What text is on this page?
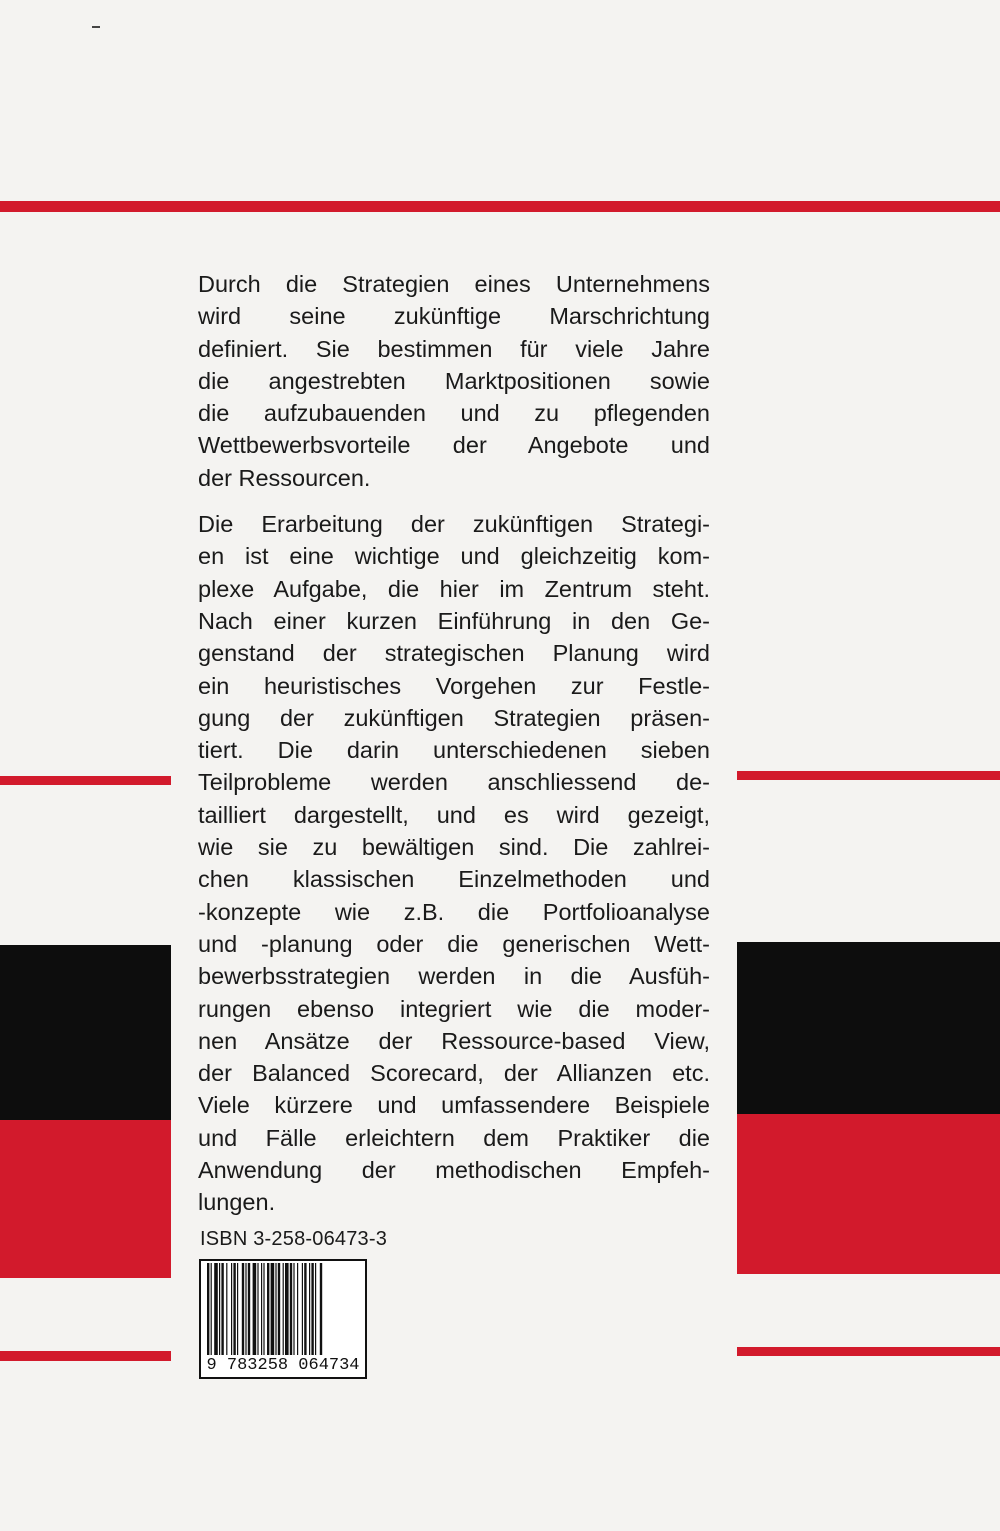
Durch die Strategien eines Unternehmens
wird seine zukünftige Marschrichtung
definiert. Sie bestimmen für viele Jahre
die angestrebten Marktpositionen sowie
die aufzubauenden und zu pflegenden
Wettbewerbsvorteile der Angebote und
der Ressourcen.

Die Erarbeitung der zukünftigen Strategi-
en ist eine wichtige und gleichzeitig kom-
plexe Aufgabe, die hier im Zentrum steht.
Nach einer kurzen Einführung in den Ge-
genstand der strategischen Planung wird
ein heuristisches Vorgehen zur Festle-
gung der zukünftigen Strategien präsen-
tiert. Die darin unterschiedenen sieben
Teilprobleme werden anschliessend de-
tailliert dargestellt, und es wird gezeigt,
wie sie zu bewältigen sind. Die zahlrei-
chen klassischen Einzelmethoden und
-konzepte wie z.B. die Portfolioanalyse
und -planung oder die generischen Wett-
bewerbsstrategien werden in die Ausfüh-
rungen ebenso integriert wie die moder-
nen Ansätze der Ressource-based View,
der Balanced Scorecard, der Allianzen etc.
Viele kürzere und umfassendere Beispiele
und Fälle erleichtern dem Praktiker die
Anwendung der methodischen Empfeh-
lungen.

ISBN 3-258-06473-3
9 783258 064734
